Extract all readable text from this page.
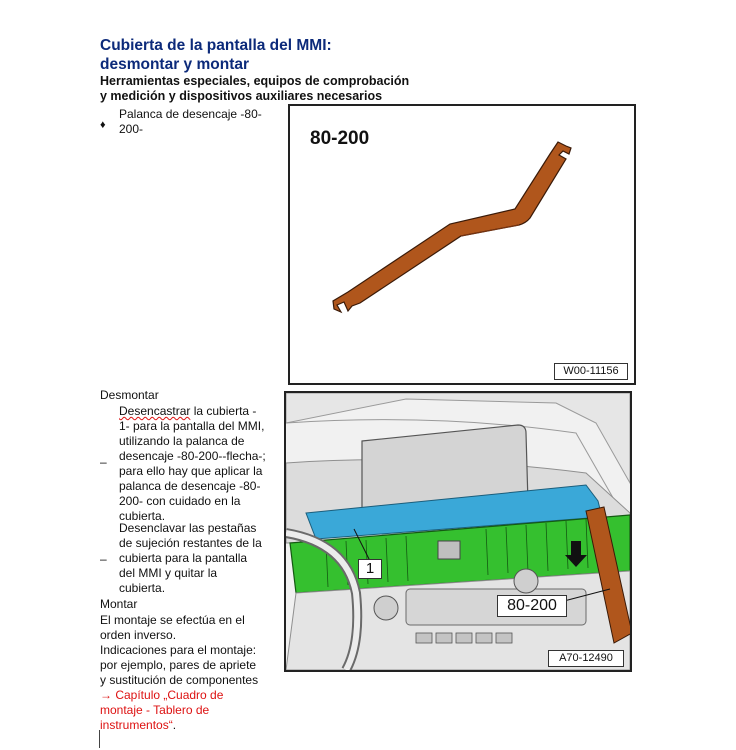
Cubierta de la pantalla del MMI:
desmontar y montar
Herramientas especiales, equipos de comprobación
y medición y dispositivos auxiliares necesarios
♦
Palanca de desencaje -80-
200-	80-200
W00-11156
Desmontar
–
Desencastrar la cubierta -
1- para la pantalla del MMI,
utilizando la palanca de
desencaje -80-200--flecha-;
para ello hay que aplicar la
palanca de desencaje -80-
200- con cuidado en la
cubierta.
–
Desenclavar las pestañas
de sujeción restantes de la
cubierta para la pantalla
del MMI y quitar la
cubierta.
Montar
El montaje se efectúa en el
orden inverso.
Indicaciones para el montaje:
por ejemplo, pares de apriete
y sustitución de componentes
→ Capítulo „Cuadro de
montaje - Tablero de
instrumentos“.
1
80-200
A70-12490
